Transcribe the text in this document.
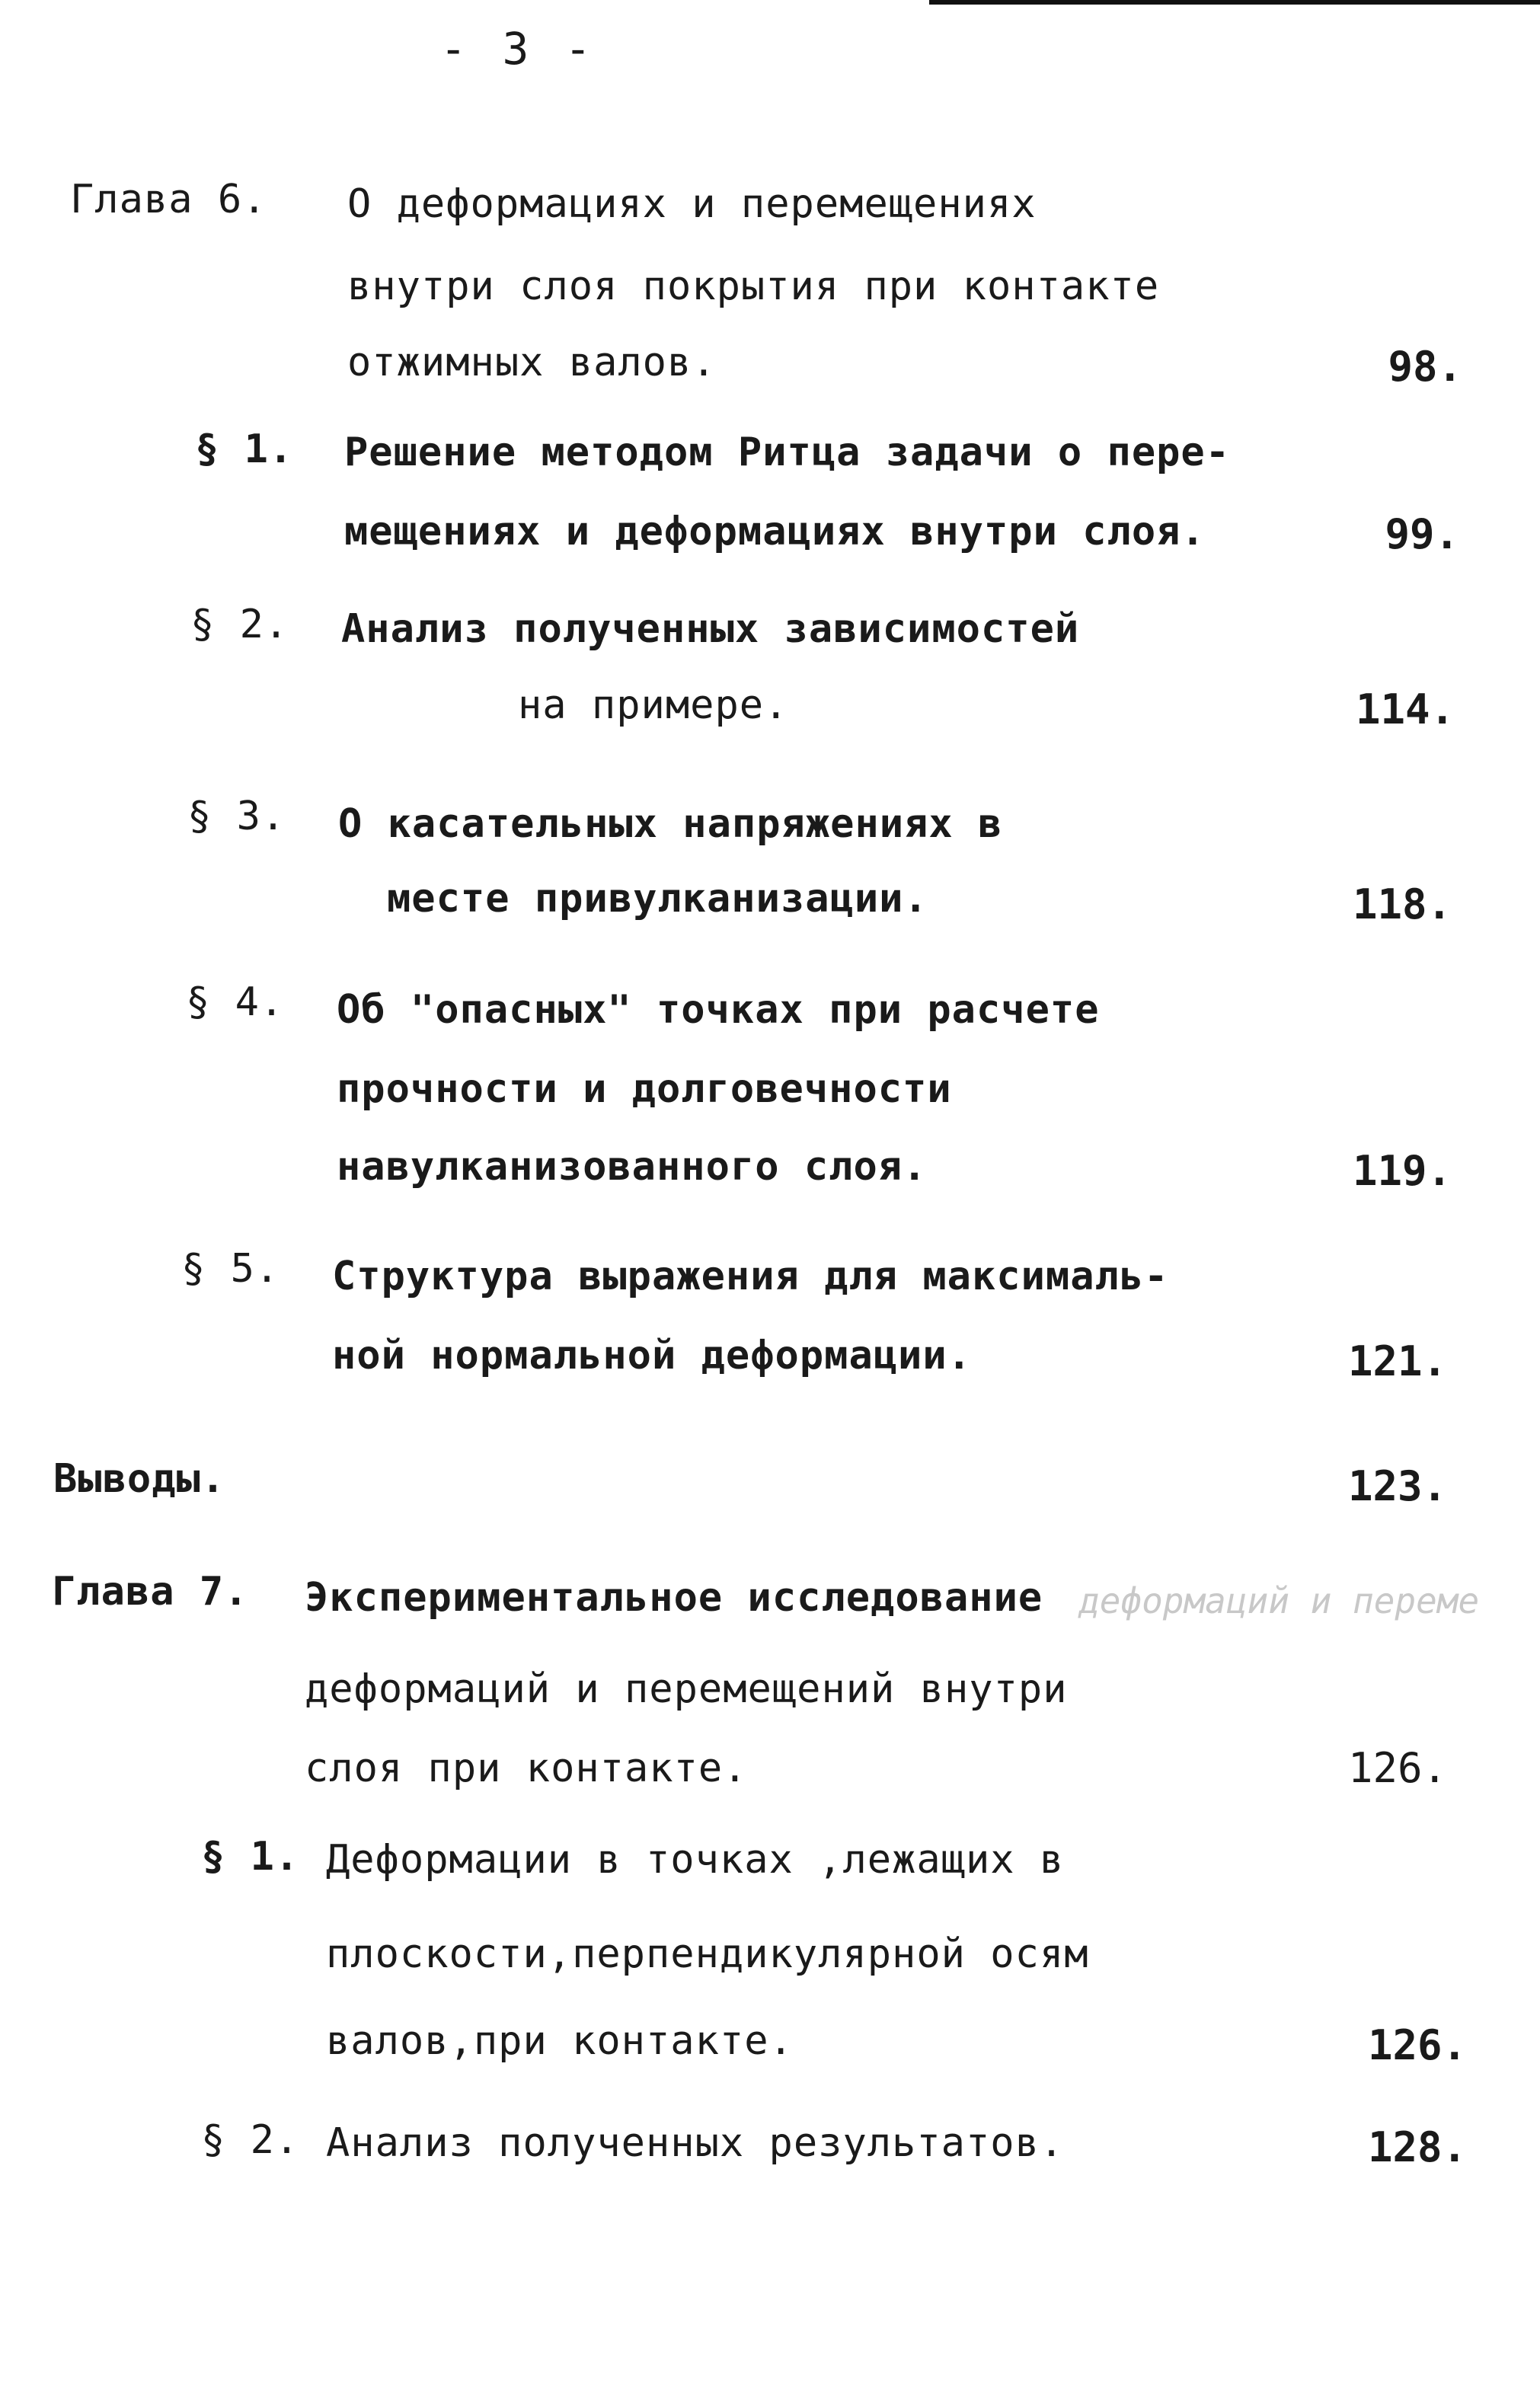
- 3 -
Глава 6. О деформациях и перемещениях
внутри слоя покрытия при контакте
отжимных валов.	98.
§ 1. Решение методом Ритца задачи о пере-
мещениях и деформациях внутри слоя.	99.
§ 2. Анализ полученных зависимостей
на примере.	114.
§ 3. О касательных напряжениях в
месте привулканизации.	118.
§ 4. Об "опасных" точках при расчете
прочности и долговечности
навулканизованного слоя.	119.
§ 5. Структура выражения для максималь-
ной нормальной деформации.	121.
Выводы.	123.
Глава 7. Экспериментальное исследование деформаций и переме
деформаций и перемещений внутри
слоя при контакте.	126.
§ 1. Деформации в точках ,лежащих в
плоскости,перпендикулярной осям
валов,при контакте.	126.
§ 2. Анализ полученных результатов.	128.
